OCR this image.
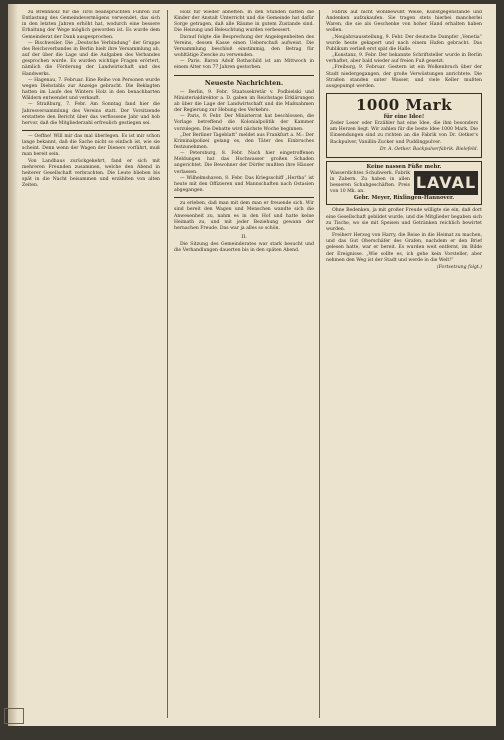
zu Brennholz für die Tirol beanspruchten Fuhren zur Entlastung des Gemeindevermögens verwendet, das sich in den letzten Jahren erhöht hat, wodurch eine bessere Erhaltung der Wege möglich geworden ist. Es wurde dem Gemeinderat der Dank ausgesprochen.

— Bischweiler. Die „Deutsche Verbindung“ der Gruppe des Reichsverbandes in Berlin hielt ihre Versammlung ab, auf der über die Lage und die Aufgaben des Verbandes gesprochen wurde. Es wurden wichtige Fragen erörtert, nämlich die Förderung der Landwirtschaft und des Handwerks.

— Hagenau, 7. Februar. Eine Reihe von Personen wurde wegen Diebstahls zur Anzeige gebracht. Die Beklagten hatten im Laufe des Winters Holz in den benachbarten Wäldern entwendet und verkauft.

— Straßburg, 7. Febr. Am Sonntag fand hier die Jahresversammlung des Vereins statt. Der Vorsitzende erstattete den Bericht über das verflossene Jahr und hob hervor, daß die Mitgliederzahl erfreulich gestiegen sei.

— Oeffne! Will mir das mal überlegen. Es ist mir schon lange bekannt, daß die Sache nicht so einfach ist, wie sie scheint. Denn wenn der Wagen der Dieners vorfährt, muß man bereit sein.

Von Landhaus zurückgekehrt, fand er sich mit mehreren Freunden zusammen, welche den Abend in heiterer Gesellschaft verbrachten. Die Leute blieben bis spät in die Nacht beisammen und erzählten von alten Zeiten.

Holz für wieder abheften. In den Stunden hätten die Kinder der Anstalt Unterricht und die Gemeinde hat dafür Sorge getragen, daß alle Räume in gutem Zustande sind. Die Heizung und Beleuchtung wurden verbessert.

Darauf folgte die Besprechung der Angelegenheiten des Vereins, dessen Kasse einen Ueberschuß aufweist. Die Versammlung beschloß einstimmig, den Betrag für wohltätige Zwecke zu verwenden.

— Paris. Baron Adolf Rothschild ist am Mittwoch in einem Alter von 77 Jahren gestorben.

Neueste Nachrichten.

— Berlin, 9. Febr. Staatssekretär v. Podbielski und Ministerialdirektor a. D. gaben im Reichstage Erklärungen ab über die Lage der Landwirtschaft und die Maßnahmen der Regierung zur Hebung des Verkehrs.

— Paris, 9. Febr. Der Ministerrat hat beschlossen, die Vorlage betreffend die Kolonialpolitik der Kammer vorzulegen. Die Debatte wird nächste Woche beginnen.

„Der Berliner Tageblatt“ meldet aus Frankfurt a. M.: Der Kriminalpolizei gelang es, den Täter des Einbruches festzunehmen.

— Petersburg, 8. Febr. Nach hier eingetroffenen Meldungen hat das Hochwasser großen Schaden angerichtet. Die Bewohner der Dörfer mußten ihre Häuser verlassen.

— Wilhelmshaven, 8. Febr. Das Kriegsschiff „Hertha“ ist heute mit den Offizieren und Mannschaften nach Ostasien abgegangen.

zu erleben, daß man mit dem man er freuende sich. Wir sind bereit den Wagen und Menschen wandte sich die Anwesenheit zu, nahm es in den Hof und hatte keine Heimath zu, und mit jeder Beziehung gewann der hernachen Freude. Das war ja alles so schön.

II.

Die Sitzung des Gemeinderates war stark besucht und die Verhandlungen dauerten bis in den späten Abend.

Fabrik auf nicht wohlbewußt Weise, Kunstgegenstände und Andenken aufzukaufen. Sie tragen stets hierbei mancherlei Waren, die sie als Geschenke von hoher Hand erhalten haben wollen.

„Neujahrsausstellung, 9. Febr. Der deutsche Dampfer „Venetia“ wurde heute gekapert und nach einem Hafen gebracht. Das Publikum verließ erst spät die Halle.

„Konstanz, 9. Febr. Der bekannte Schriftsteller wurde in Berlin verhaftet, aber bald wieder auf freien Fuß gesetzt.

„Freiburg, 9. Februar. Gestern ist ein Wolkenbruch über der Stadt niedergegangen, der große Verwüstungen anrichtete. Die Straßen standen unter Wasser, und viele Keller mußten ausgepumpt werden.

1000 Mark
für eine Idee!

Zeder Leser oder Erzähler hat eine Idee, die ihm besonders am Herzen liegt. Wir zahlen für die beste Idee 1000 Mark. Die Einsendungen sind zu richten an die Fabrik von Dr. Oetker's Backpulver, Vanillin-Zucker und Puddingpulver.

Dr. A. Oetker. Backpulverfabrik. Bielefeld.
Keine nassen Füße mehr.

Wasserdichtes Schuhwerk. Fabrik in Zabern. Zu haben in allen besseren Schuhgeschäften. Preis von 10 Mk. an.	LAVAL
Gebr. Meyer, Rixlingen-Hannover.

Ohne Bedenken, ja mit großer Freude willigte sie ein, daß dort eine Gesellschaft gebildet wurde, und die Mitglieder begaben sich zu Tische, wo sie mit Speisen und Getränken reichlich bewirtet wurden.

Freiherr Herzog von Harry, die Reise in die Heimat zu machen, und das Gut Oberschäfer des Grafen, nachdem er den Brief gelesen hatte, war er bereit. Es wurden weit entfernt, im Bilde der Ereignisse. „Wie sollte es, ich gehe kein Vorsteller, aber nehmen den Weg ist der Stadt und werde in die Welt!“

(Fortsetzung folgt.)
